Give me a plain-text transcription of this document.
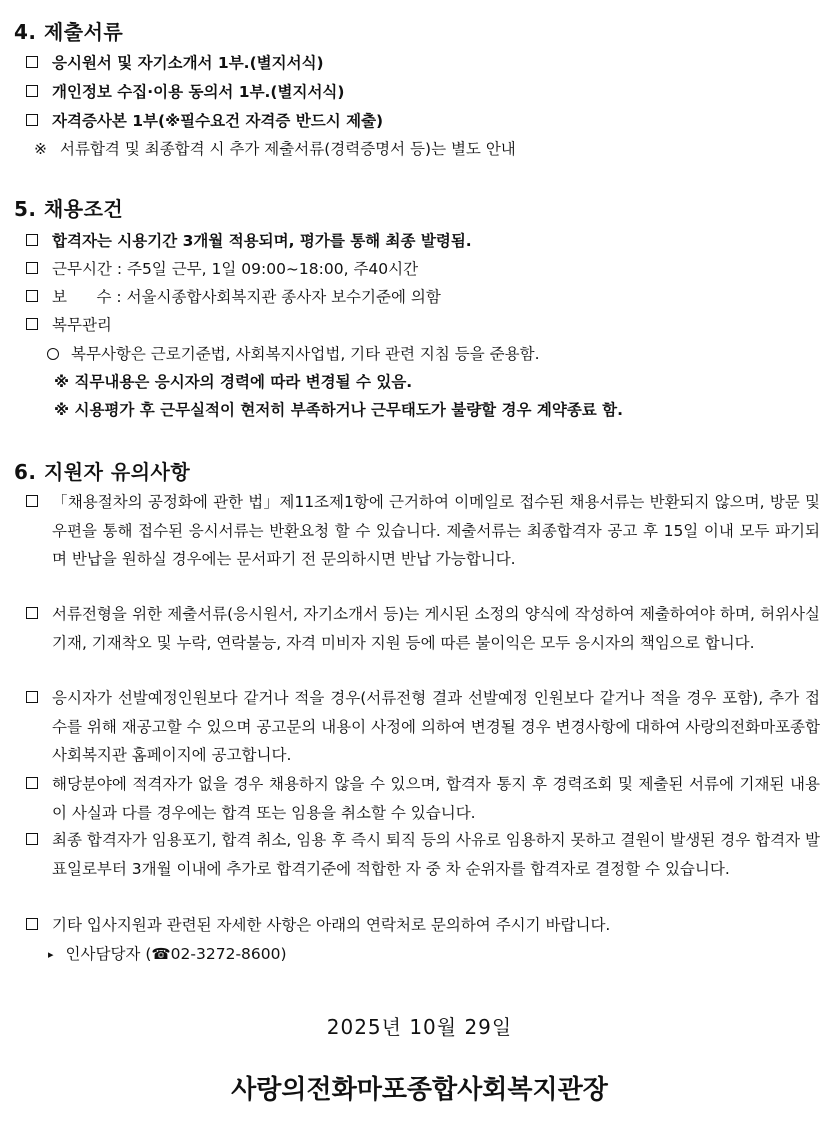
4. 제출서류
응시원서 및 자기소개서 1부.(별지서식)
개인정보 수집·이용 동의서 1부.(별지서식)
자격증사본 1부(※필수요건 자격증 반드시 제출)
※ 서류합격 및 최종합격 시 추가 제출서류(경력증명서 등)는 별도 안내
5. 채용조건
합격자는 시용기간 3개월 적용되며, 평가를 통해 최종 발령됨.
근무시간 : 주5일 근무, 1일 09:00~18:00, 주40시간
보      수 : 서울시종합사회복지관 종사자 보수기준에 의함
복무관리
복무사항은 근로기준법, 사회복지사업법, 기타 관련 지침 등을 준용함.
※ 직무내용은 응시자의 경력에 따라 변경될 수 있음.
※ 시용평가 후 근무실적이 현저히 부족하거나 근무태도가 불량할 경우 계약종료 함.
6. 지원자 유의사항
「채용절차의 공정화에 관한 법」제11조제1항에 근거하여 이메일로 접수된 채용서류는 반환되지 않으며, 방문 및 우편을 통해 접수된 응시서류는 반환요청 할 수 있습니다. 제출서류는 최종합격자 공고 후 15일 이내 모두 파기되며 반납을 원하실 경우에는 문서파기 전 문의하시면 반납 가능합니다.
서류전형을 위한 제출서류(응시원서, 자기소개서 등)는 게시된 소정의 양식에 작성하여 제출하여야 하며, 허위사실기재, 기재착오 및 누락, 연락불능, 자격 미비자 지원 등에 따른 불이익은 모두 응시자의 책임으로 합니다.
응시자가 선발예정인원보다 같거나 적을 경우(서류전형 결과 선발예정 인원보다 같거나 적을 경우 포함), 추가 접수를 위해 재공고할 수 있으며 공고문의 내용이 사정에 의하여 변경될 경우 변경사항에 대하여 사랑의전화마포종합사회복지관 홈페이지에 공고합니다.
해당분야에 적격자가 없을 경우 채용하지 않을 수 있으며, 합격자 통지 후 경력조회 및 제출된 서류에 기재된 내용이 사실과 다를 경우에는 합격 또는 임용을 취소할 수 있습니다.
최종 합격자가 임용포기, 합격 취소, 임용 후 즉시 퇴직 등의 사유로 임용하지 못하고 결원이 발생된 경우 합격자 발표일로부터 3개월 이내에 추가로 합격기준에 적합한 자 중 차 순위자를 합격자로 결정할 수 있습니다.
기타 입사지원과 관련된 자세한 사항은 아래의 연락처로 문의하여 주시기 바랍니다.
▸ 인사담당자 (☎02-3272-8600)
2025년 10월 29일
사랑의전화마포종합사회복지관장
